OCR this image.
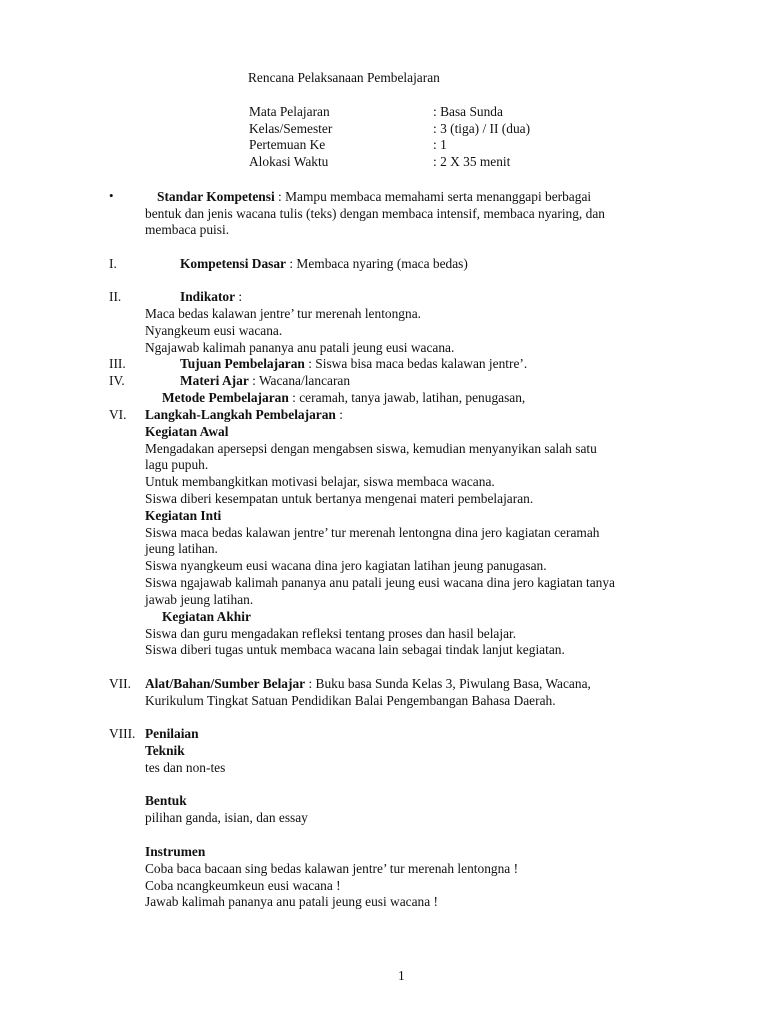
Rencana Pelaksanaan Pembelajaran
Mata Pelajaran	: Basa Sunda
Kelas/Semester	: 3 (tiga) / II (dua)
Pertemuan Ke	: 1
Alokasi Waktu	: 2 X 35 menit
•	Standar Kompetensi : Mampu membaca memahami serta menanggapi berbagai
bentuk dan jenis wacana tulis (teks) dengan membaca intensif, membaca nyaring, dan
membaca puisi.
I.	Kompetensi Dasar : Membaca nyaring (maca bedas)
II.	Indikator :
Maca bedas kalawan jentre’ tur merenah lentongna.
Nyangkeum eusi wacana.
Ngajawab kalimah pananya anu patali jeung eusi wacana.
III.	Tujuan Pembelajaran : Siswa bisa maca bedas kalawan jentre’.
IV.	Materi Ajar : Wacana/lancaran
Metode Pembelajaran : ceramah, tanya jawab, latihan, penugasan,
VI. Langkah-Langkah Pembelajaran :
Kegiatan Awal
Mengadakan apersepsi dengan mengabsen siswa, kemudian menyanyikan salah satu
lagu pupuh.
Untuk membangkitkan motivasi belajar, siswa membaca wacana.
Siswa diberi kesempatan untuk bertanya mengenai materi pembelajaran.
Kegiatan Inti
Siswa maca bedas kalawan jentre’ tur merenah lentongna dina jero kagiatan ceramah
jeung latihan.
Siswa nyangkeum eusi wacana dina jero kagiatan latihan jeung panugasan.
Siswa ngajawab kalimah pananya anu patali jeung eusi wacana dina jero kagiatan tanya
jawab jeung latihan.
Kegiatan Akhir
Siswa dan guru mengadakan refleksi tentang proses dan hasil belajar.
Siswa diberi tugas untuk membaca wacana lain sebagai tindak lanjut kegiatan.
VII. Alat/Bahan/Sumber Belajar : Buku basa Sunda Kelas 3, Piwulang Basa, Wacana,
Kurikulum Tingkat Satuan Pendidikan Balai Pengembangan Bahasa Daerah.
VIII. Penilaian
Teknik
tes dan non-tes
Bentuk
pilihan ganda, isian, dan essay
Instrumen
Coba baca bacaan sing bedas kalawan jentre’ tur merenah lentongna !
Coba ncangkeumkeun eusi wacana !
Jawab kalimah pananya anu patali jeung eusi wacana !
1
